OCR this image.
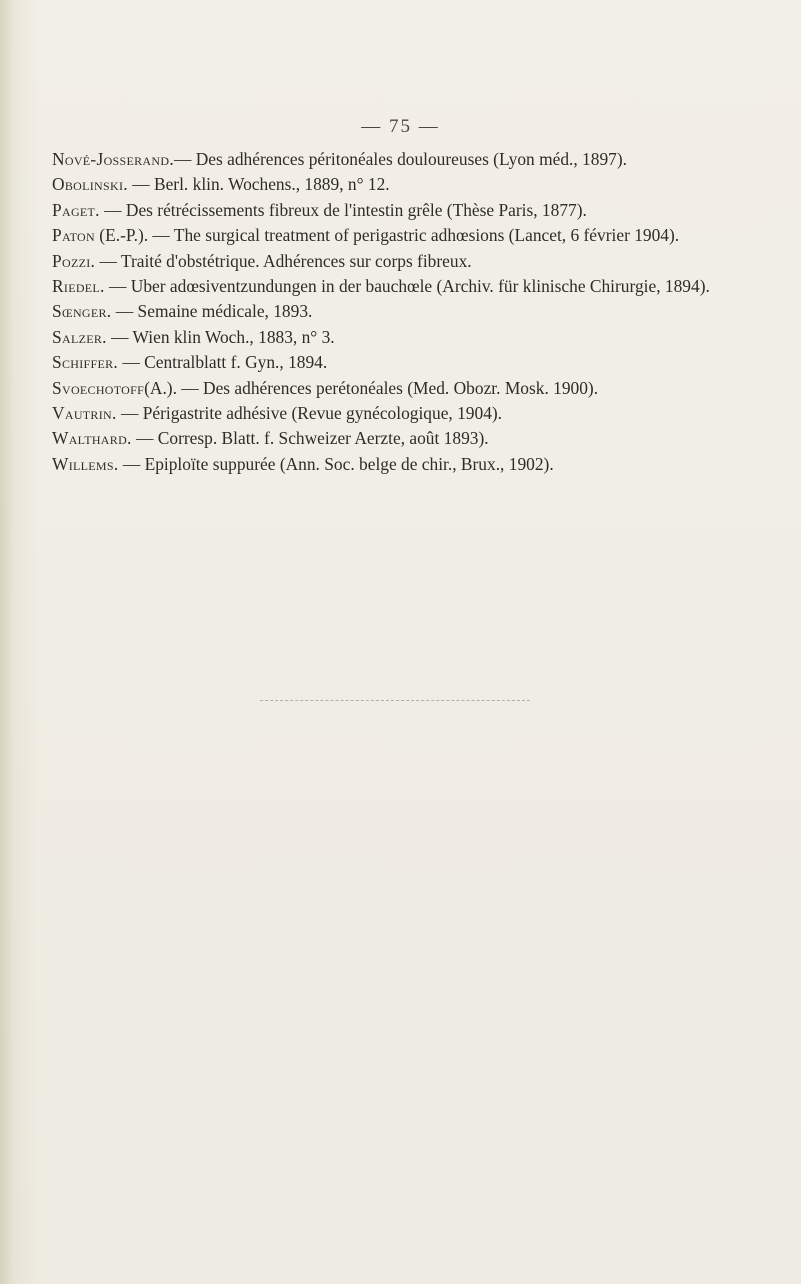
— 75 —
Nové-Josserand.— Des adhérences péritonéales douloureuses (Lyon méd., 1897).
Obolinski. — Berl. klin. Wochens., 1889, n° 12.
Paget. — Des rétrécissements fibreux de l'intestin grêle (Thèse Paris, 1877).
Paton (E.-P.). — The surgical treatment of perigastric adhœsions (Lancet, 6 février 1904).
Pozzi. — Traité d'obstétrique. Adhérences sur corps fibreux.
Riedel. — Uber adœsiventzundungen in der bauchœle (Archiv. für klinische Chirurgie, 1894).
Sœnger. — Semaine médicale, 1893.
Salzer. — Wien klin Woch., 1883, n° 3.
Schiffer. — Centralblatt f. Gyn., 1894.
Svoechotoff(A.). — Des adhérences perétonéales (Med. Obozr. Mosk. 1900).
Vautrin. — Périgastrite adhésive (Revue gynécologique, 1904).
Walthard. — Corresp. Blatt. f. Schweizer Aerzte, août 1893).
Willems. — Epiploïte suppurée (Ann. Soc. belge de chir., Brux., 1902).
